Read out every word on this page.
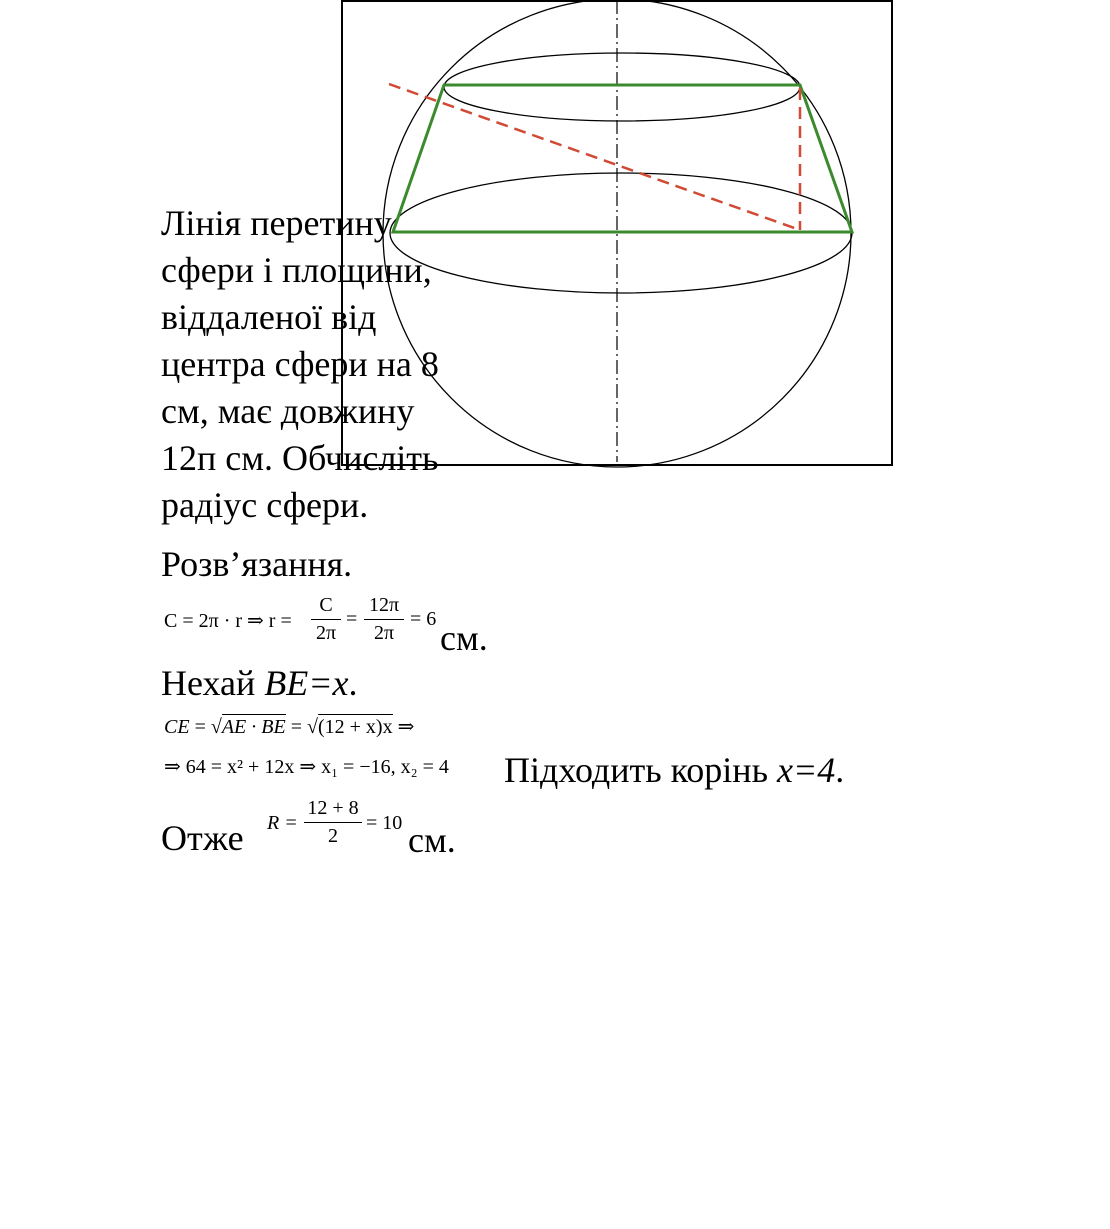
Лінія перетину
сфери і площини,
віддаленої від
центра сфери на 8
см, має довжину
12п см. Обчисліть
радіус сфери.
Розв’язання.
C = 2π · r ⇒ $r = \frac{C}{2\pi} = \frac{12\pi}{2\pi} = 6$ см.
Нехай BE=x.
CE = √AE · BE = √(12 + x)x ⇒
⇒ 64 = x² + 12x ⇒ x₁ = −16, x₂ = 4 Підходить корінь x=4.
Отже $R = \frac{12 + 8}{2} = 10$ см.
